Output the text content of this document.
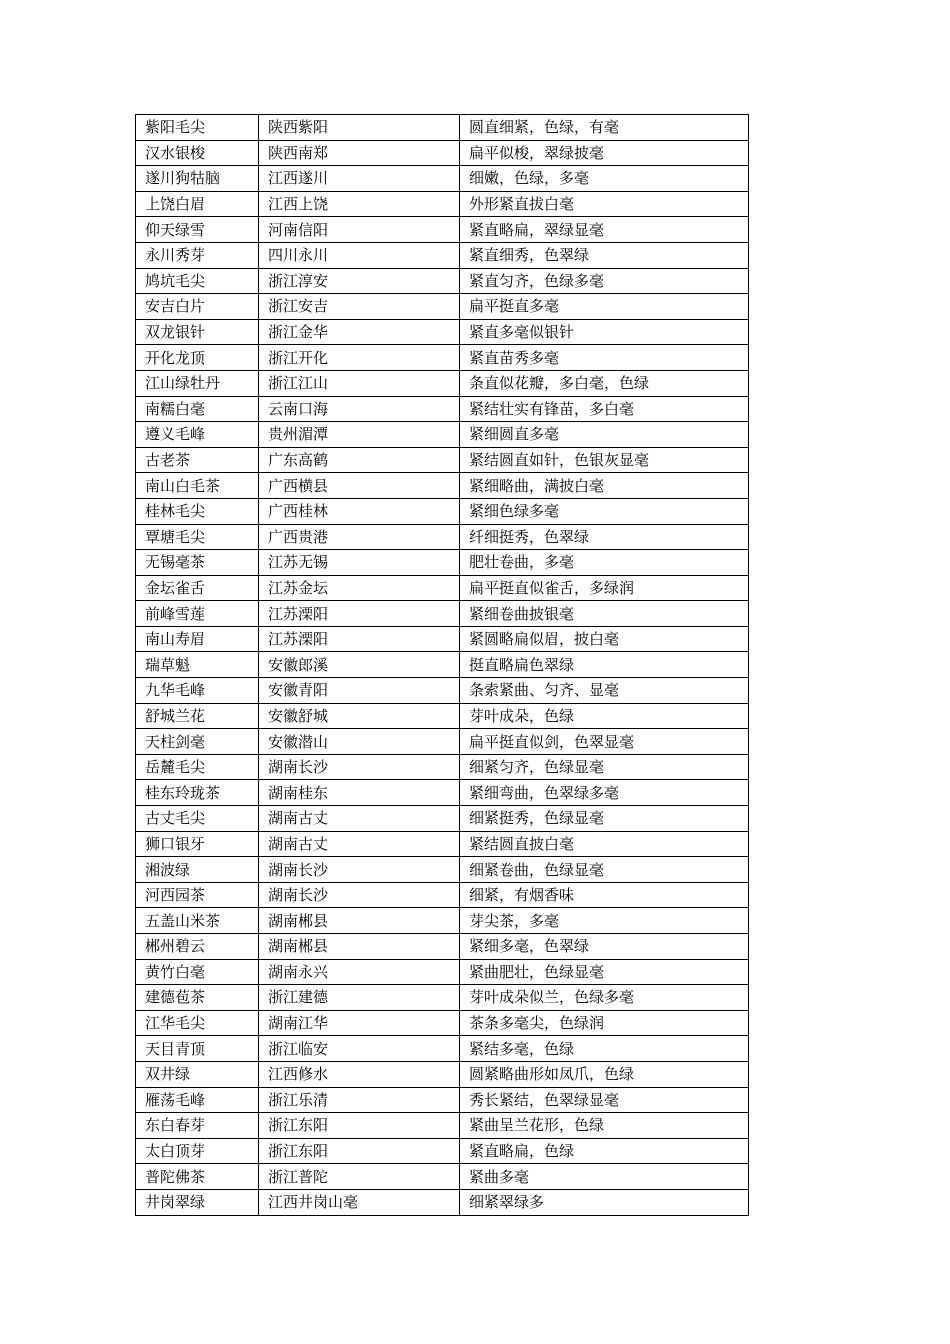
紫阳毛尖	陕西紫阳	圆直细紧，色绿，有毫
汉水银梭	陕西南郑	扁平似梭，翠绿披毫
遂川狗牯脑	江西遂川	细嫩，色绿，多毫
上饶白眉	江西上饶	外形紧直拔白毫
仰天绿雪	河南信阳	紧直略扁，翠绿显毫
永川秀芽	四川永川	紧直细秀，色翠绿
鸠坑毛尖	浙江淳安	紧直匀齐，色绿多毫
安吉白片	浙江安吉	扁平挺直多毫
双龙银针	浙江金华	紧直多毫似银针
开化龙顶	浙江开化	紧直苗秀多毫
江山绿牡丹	浙江江山	条直似花瓣，多白毫，色绿
南糯白毫	云南口海	紧结壮实有锋苗，多白毫
遵义毛峰	贵州湄潭	紧细圆直多毫
古老茶	广东高鹤	紧结圆直如针，色银灰显毫
南山白毛茶	广西横县	紧细略曲，满披白毫
桂林毛尖	广西桂林	紧细色绿多毫
覃塘毛尖	广西贵港	纤细挺秀，色翠绿
无锡毫茶	江苏无锡	肥壮卷曲，多毫
金坛雀舌	江苏金坛	扁平挺直似雀舌，多绿润
前峰雪莲	江苏溧阳	紧细卷曲披银毫
南山寿眉	江苏溧阳	紧圆略扁似眉，披白毫
瑞草魁	安徽郎溪	挺直略扁色翠绿
九华毛峰	安徽青阳	条索紧曲、匀齐、显毫
舒城兰花	安徽舒城	芽叶成朵，色绿
天柱剑毫	安徽潜山	扁平挺直似剑，色翠显毫
岳麓毛尖	湖南长沙	细紧匀齐，色绿显毫
桂东玲珑茶	湖南桂东	紧细弯曲，色翠绿多毫
古丈毛尖	湖南古丈	细紧挺秀，色绿显毫
狮口银牙	湖南古丈	紧结圆直披白毫
湘波绿	湖南长沙	细紧卷曲，色绿显毫
河西园茶	湖南长沙	细紧，有烟香味
五盖山米茶	湖南郴县	芽尖茶，多毫
郴州碧云	湖南郴县	紧细多毫，色翠绿
黄竹白毫	湖南永兴	紧曲肥壮，色绿显毫
建德苞茶	浙江建德	芽叶成朵似兰，色绿多毫
江华毛尖	湖南江华	茶条多毫尖，色绿润
天目青顶	浙江临安	紧结多毫，色绿
双井绿	江西修水	圆紧略曲形如凤爪，色绿
雁荡毛峰	浙江乐清	秀长紧结，色翠绿显毫
东白春芽	浙江东阳	紧曲呈兰花形，色绿
太白顶芽	浙江东阳	紧直略扁，色绿
普陀佛茶	浙江普陀	紧曲多毫
井岗翠绿	江西井岗山毫	细紧翠绿多
